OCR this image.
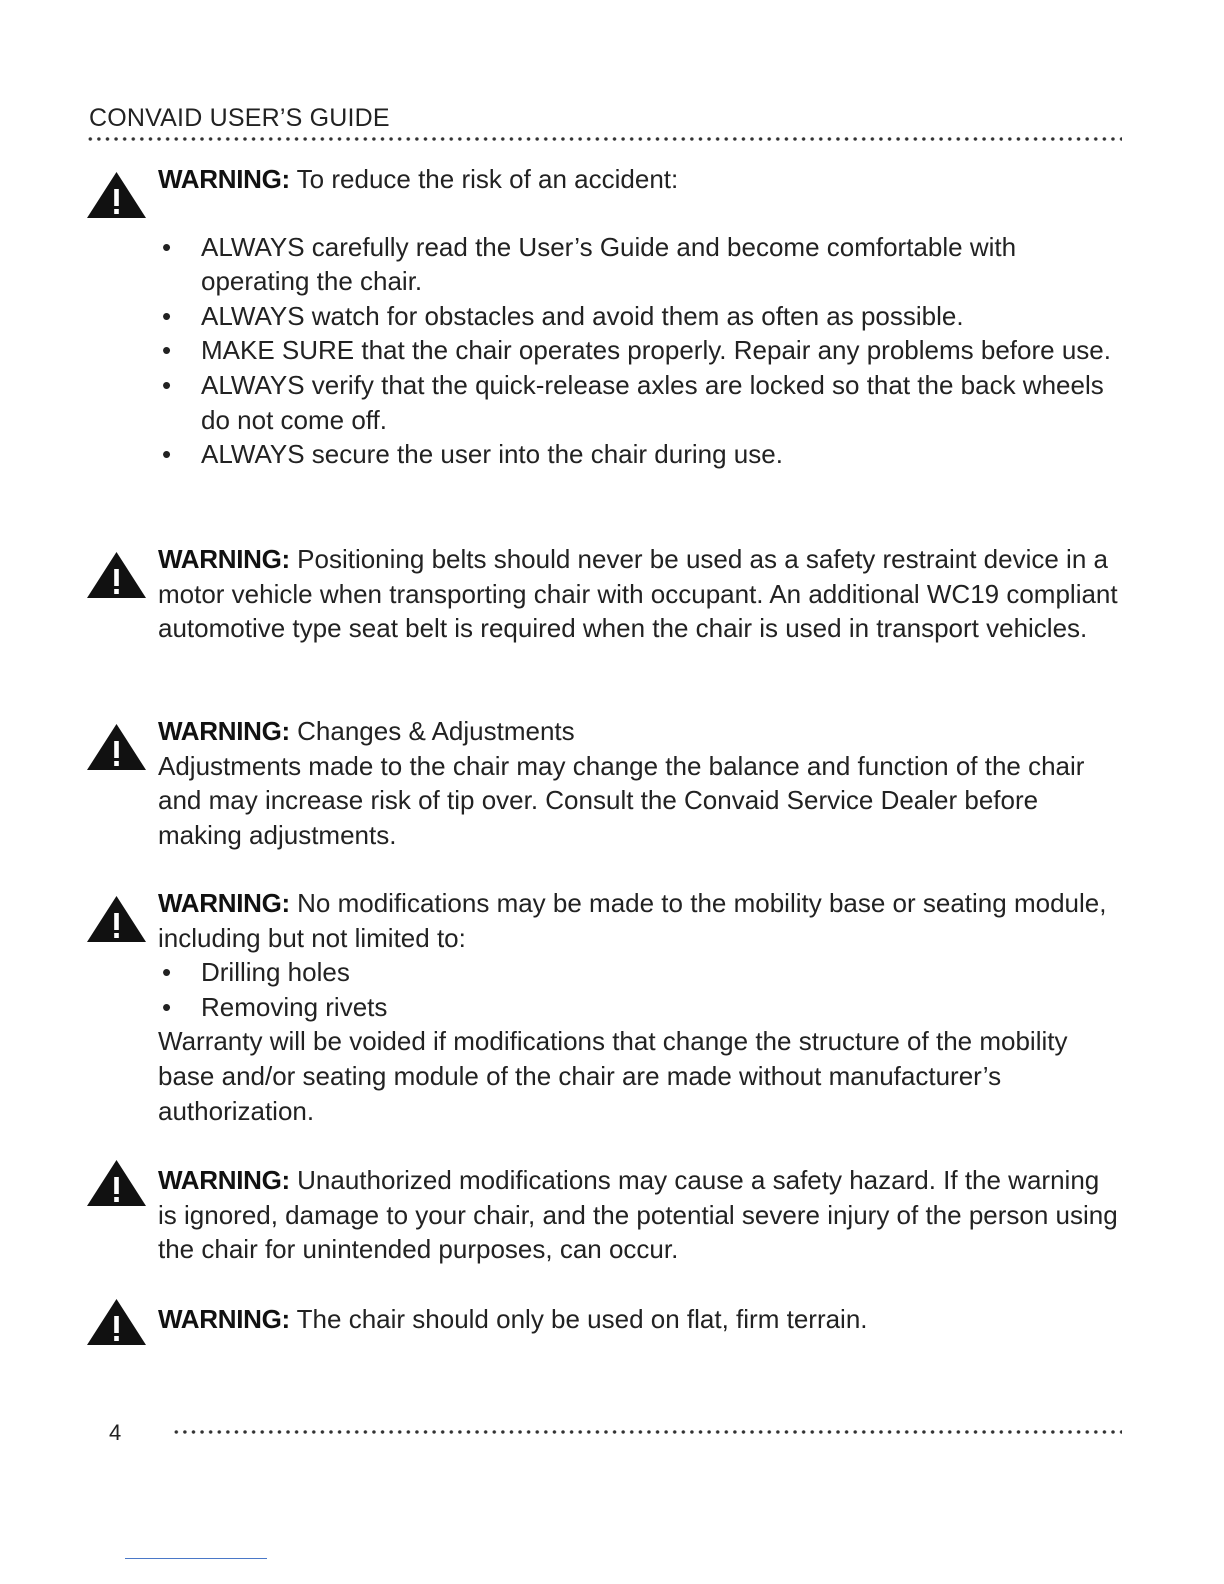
CONVAID USER’S GUIDE
WARNING: To reduce the risk of an accident:
• ALWAYS carefully read the User’s Guide and become comfortable with operating the chair.
• ALWAYS watch for obstacles and avoid them as often as possible.
• MAKE SURE that the chair operates properly. Repair any problems before use.
• ALWAYS verify that the quick-release axles are locked so that the back wheels do not come off.
• ALWAYS secure the user into the chair during use.
WARNING: Positioning belts should never be used as a safety restraint device in a motor vehicle when transporting chair with occupant. An additional WC19 compliant automotive type seat belt is required when the chair is used in transport vehicles.
WARNING: Changes & Adjustments
Adjustments made to the chair may change the balance and function of the chair and may increase risk of tip over. Consult the Convaid Service Dealer before making adjustments.
WARNING: No modifications may be made to the mobility base or seating module, including but not limited to:
• Drilling holes
• Removing rivets
Warranty will be voided if modifications that change the structure of the mobility base and/or seating module of the chair are made without manufacturer’s authorization.
WARNING: Unauthorized modifications may cause a safety hazard. If the warning is ignored, damage to your chair, and the potential severe injury of the person using the chair for unintended purposes, can occur.
WARNING: The chair should only be used on flat, firm terrain.
4
